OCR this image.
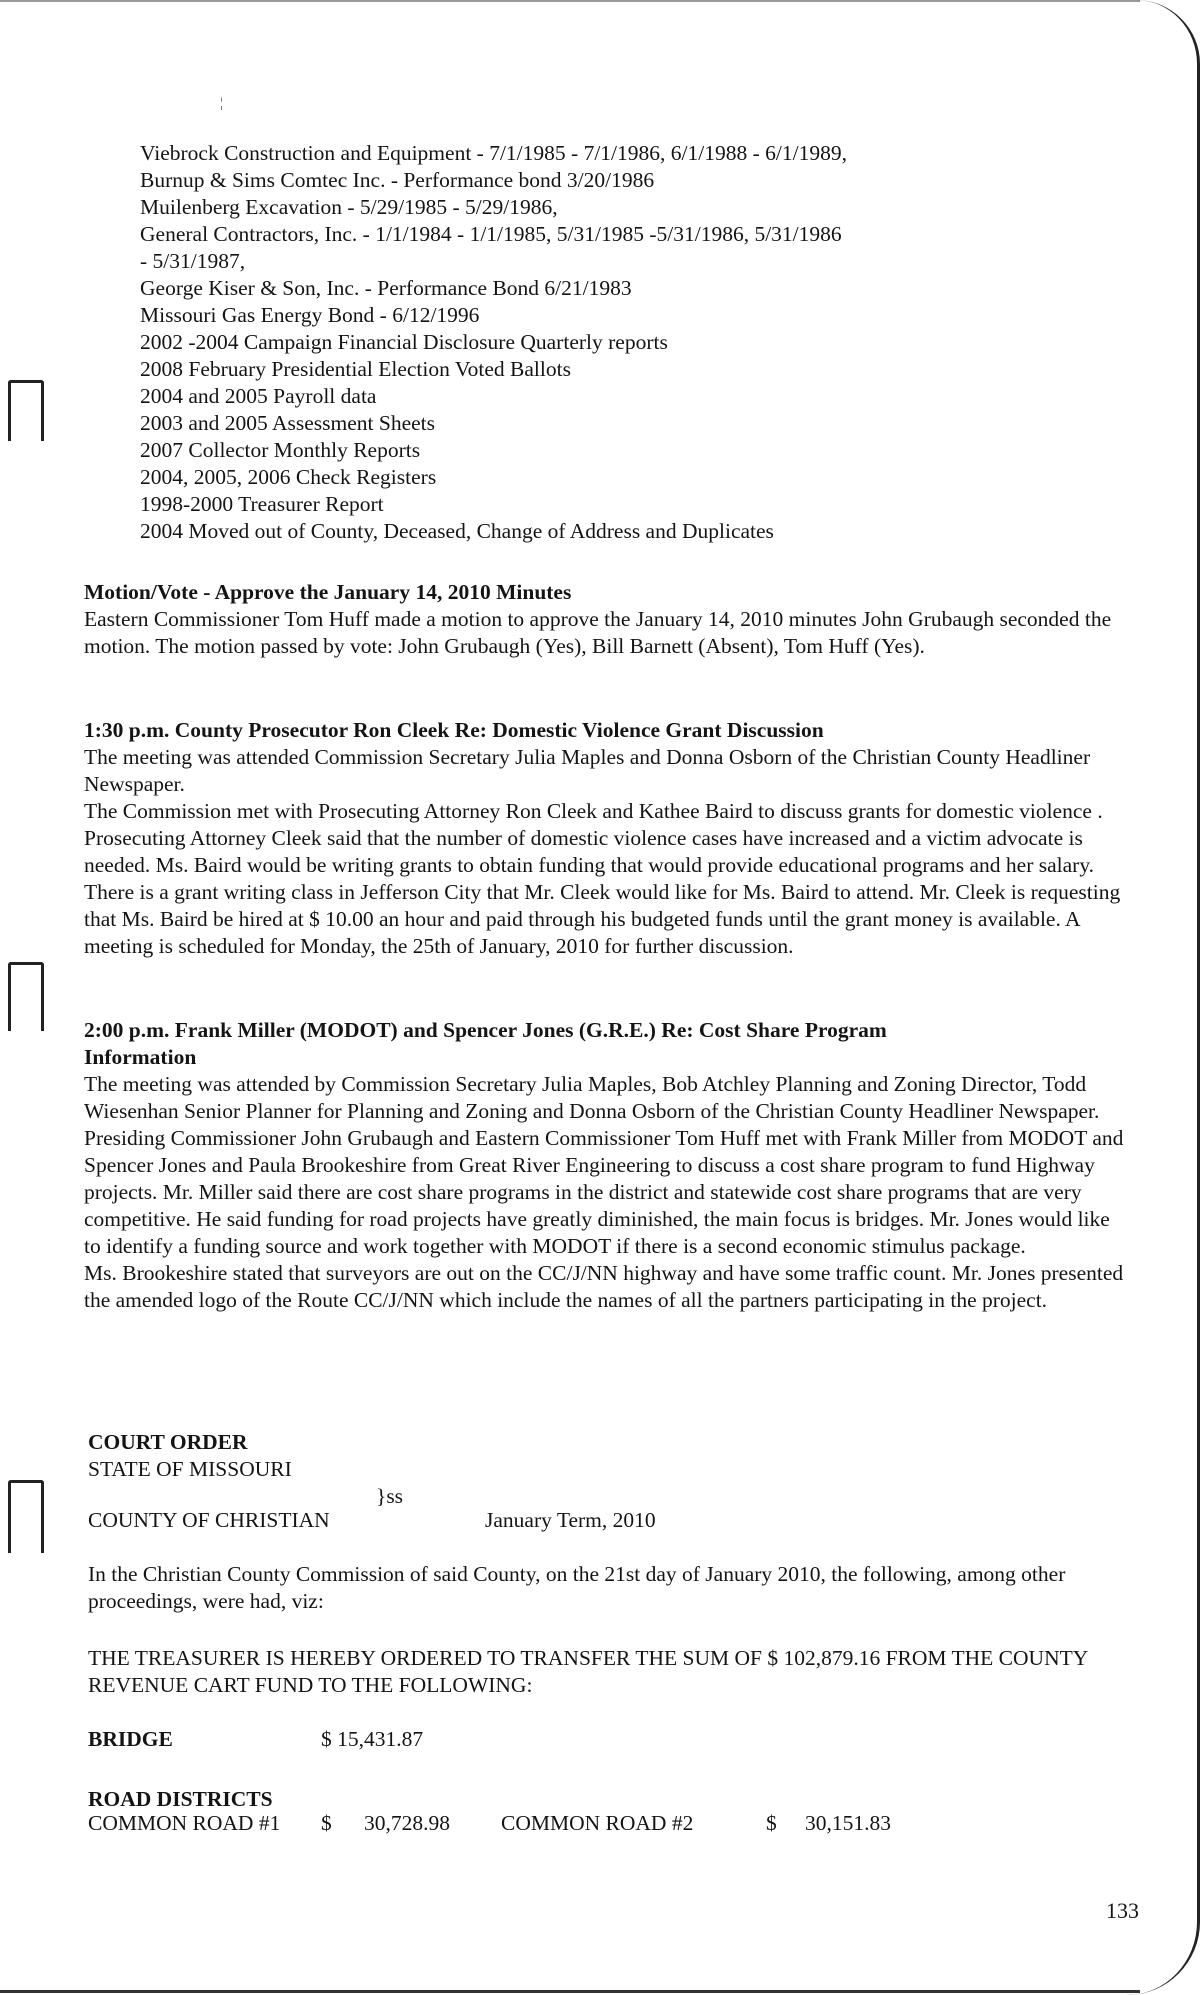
¦
Viebrock Construction and Equipment - 7/1/1985 - 7/1/1986, 6/1/1988 - 6/1/1989,
Burnup & Sims Comtec Inc. - Performance bond 3/20/1986
Muilenberg Excavation - 5/29/1985 - 5/29/1986,
General Contractors, Inc. - 1/1/1984 - 1/1/1985, 5/31/1985 -5/31/1986, 5/31/1986
- 5/31/1987,
George Kiser & Son, Inc. - Performance Bond 6/21/1983
Missouri Gas Energy Bond - 6/12/1996
2002 -2004 Campaign Financial Disclosure Quarterly reports
2008 February Presidential Election Voted Ballots
2004 and 2005 Payroll data
2003 and 2005 Assessment Sheets
2007 Collector Monthly Reports
2004, 2005, 2006 Check Registers
1998-2000 Treasurer Report
2004 Moved out of County, Deceased, Change of Address and Duplicates

Motion/Vote - Approve the January 14, 2010 Minutes

Eastern Commissioner Tom Huff made a motion to approve the January 14, 2010 minutes John Grubaugh seconded the motion. The motion passed by vote: John Grubaugh (Yes), Bill Barnett (Absent), Tom Huff (Yes).

1:30 p.m. County Prosecutor Ron Cleek Re: Domestic Violence Grant Discussion

The meeting was attended Commission Secretary Julia Maples and Donna Osborn of the Christian County Headliner Newspaper.

The Commission met with Prosecuting Attorney Ron Cleek and Kathee Baird to discuss grants for domestic violence . Prosecuting Attorney Cleek said that the number of domestic violence cases have increased and a victim advocate is needed. Ms. Baird would be writing grants to obtain funding that would provide educational programs and her salary. There is a grant writing class in Jefferson City that Mr. Cleek would like for Ms. Baird to attend. Mr. Cleek is requesting that Ms. Baird be hired at $ 10.00 an hour and paid through his budgeted funds until the grant money is available. A meeting is scheduled for Monday, the 25th of January, 2010 for further discussion.

2:00 p.m. Frank Miller (MODOT) and Spencer Jones (G.R.E.) Re: Cost Share Program Information

The meeting was attended by Commission Secretary Julia Maples, Bob Atchley Planning and Zoning Director, Todd Wiesenhan Senior Planner for Planning and Zoning and Donna Osborn of the Christian County Headliner Newspaper.

Presiding Commissioner John Grubaugh and Eastern Commissioner Tom Huff met with Frank Miller from MODOT and Spencer Jones and Paula Brookeshire from Great River Engineering to discuss a cost share program to fund Highway projects. Mr. Miller said there are cost share programs in the district and statewide cost share programs that are very competitive. He said funding for road projects have greatly diminished, the main focus is bridges. Mr. Jones would like to identify a funding source and work together with MODOT if there is a second economic stimulus package.

Ms. Brookeshire stated that surveyors are out on the CC/J/NN highway and have some traffic count. Mr. Jones presented the amended logo of the Route CC/J/NN which include the names of all the partners participating in the project.

COURT ORDER
STATE OF MISSOURI
}ss
COUNTY OF CHRISTIAN	January Term, 2010

In the Christian County Commission of said County, on the 21st day of January 2010, the following, among other proceedings, were had, viz:

THE TREASURER IS HEREBY ORDERED TO TRANSFER THE SUM OF $ 102,879.16 FROM THE COUNTY REVENUE CART FUND TO THE FOLLOWING:

BRIDGE	$ 15,431.87
ROAD DISTRICTS
COMMON ROAD #1 $ 30,728.98 COMMON ROAD #2	$ 30,151.83
133
